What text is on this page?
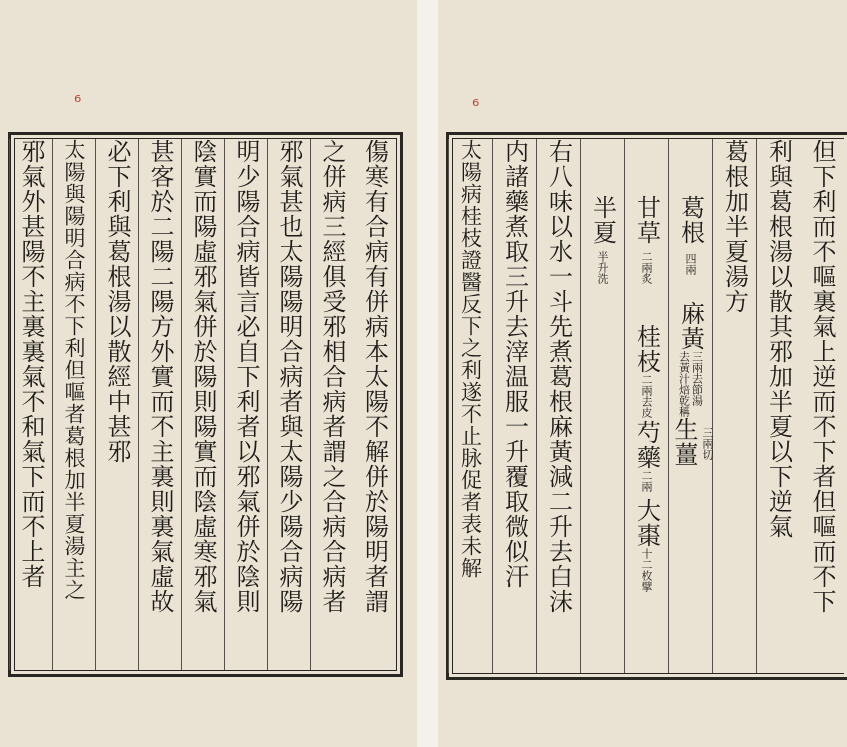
⁶
傷寒有合病有併病本太陽不解併於陽明者謂
之併病三經俱受邪相合病者謂之合病合病者
邪氣甚也太陽陽明合病者與太陽少陽合病陽
明少陽合病皆言必自下利者以邪氣併於陰則
陰實而陽虛邪氣併於陽則陽實而陰虛寒邪氣
甚客於二陽二陽方外實而不主裏則裏氣虛故
必下利與葛根湯以散經中甚邪
太陽與陽明合病不下利但嘔者葛根加半夏湯主之
邪氣外甚陽不主裏裏氣不和氣下而不上者
⁶
但下利而不嘔裏氣上逆而不下者但嘔而不下
利與葛根湯以散其邪加半夏以下逆氣
葛根加半夏湯方
葛根
四兩
麻黃
三兩去節湯
去黃汁焙乾稱
三兩切
生薑
甘草
二兩炙
桂枝
二兩去皮
芍藥
二兩
大棗
十二枚擘
半夏
半升洗
右八味以水一斗先煮葛根麻黃減二升去白沫
内諸藥煮取三升去滓温服一升覆取微似汗
太陽病桂枝證醫反下之利遂不止脉促者表未解
